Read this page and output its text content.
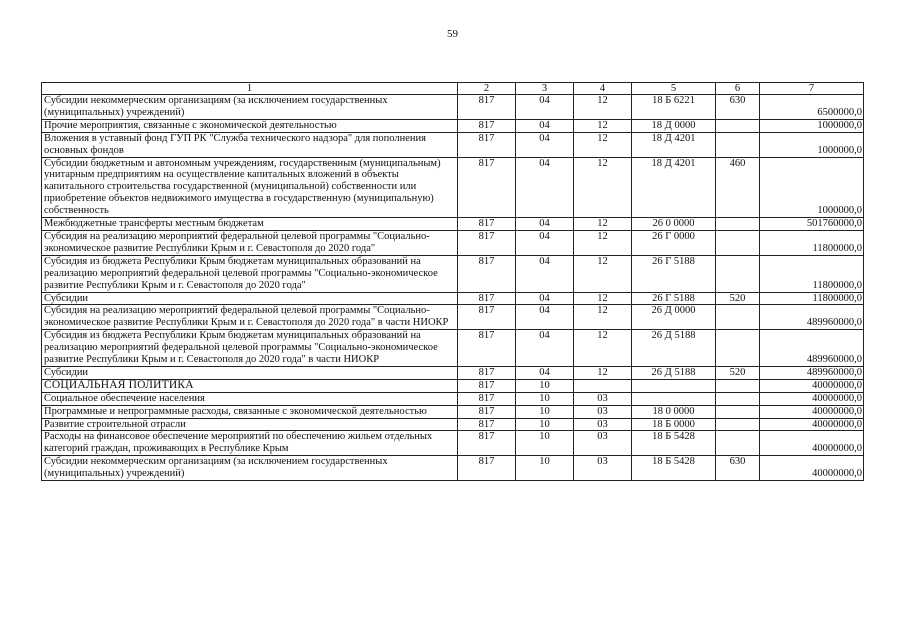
59
1	2	3	4	5	6	7
Субсидии некоммерческим организациям (за исключением государственных (муниципальных) учреждений)	817	04	12	18 Б 6221	630	6500000,0
Прочие мероприятия, связанные с экономической деятельностью	817	04	12	18 Д 0000		1000000,0
Вложения в уставный фонд ГУП РК "Служба технического надзора" для пополнения основных фондов	817	04	12	18 Д 4201		1000000,0
Субсидии бюджетным и автономным учреждениям, государственным (муниципальным) унитарным предприятиям на осуществление капитальных вложений в объекты капитального строительства государственной (муниципальной) собственности или приобретение объектов недвижимого имущества в государственную (муниципальную) собственность	817	04	12	18 Д 4201	460	1000000,0
Межбюджетные трансферты местным бюджетам	817	04	12	26 0 0000		501760000,0
Субсидия на реализацию мероприятий федеральной целевой программы "Социально-экономическое развитие Республики Крым и г. Севастополя до 2020 года"	817	04	12	26 Г 0000		11800000,0
Субсидия из бюджета Республики Крым бюджетам муниципальных образований на реализацию мероприятий федеральной целевой программы "Социально-экономическое развитие Республики Крым и г. Севастополя до 2020 года"	817	04	12	26 Г 5188		11800000,0
Субсидии	817	04	12	26 Г 5188	520	11800000,0
Субсидия на реализацию мероприятий федеральной целевой программы "Социально-экономическое развитие Республики Крым и г. Севастополя до 2020 года" в части НИОКР	817	04	12	26 Д 0000		489960000,0
Субсидия из бюджета Республики Крым бюджетам муниципальных образований на реализацию мероприятий федеральной целевой программы "Социально-экономическое развитие Республики Крым и г. Севастополя до 2020 года" в части НИОКР	817	04	12	26 Д 5188		489960000,0
Субсидии	817	04	12	26 Д 5188	520	489960000,0
СОЦИАЛЬНАЯ ПОЛИТИКА	817	10				40000000,0
Социальное обеспечение населения	817	10	03			40000000,0
Программные и непрограммные расходы, связанные с экономической деятельностью	817	10	03	18 0 0000		40000000,0
Развитие строительной отрасли	817	10	03	18 Б 0000		40000000,0
Расходы на финансовое обеспечение мероприятий по обеспечению жильем отдельных категорий граждан, проживающих в Республике Крым	817	10	03	18 Б 5428		40000000,0
Субсидии некоммерческим организациям (за исключением государственных (муниципальных) учреждений)	817	10	03	18 Б 5428	630	40000000,0
